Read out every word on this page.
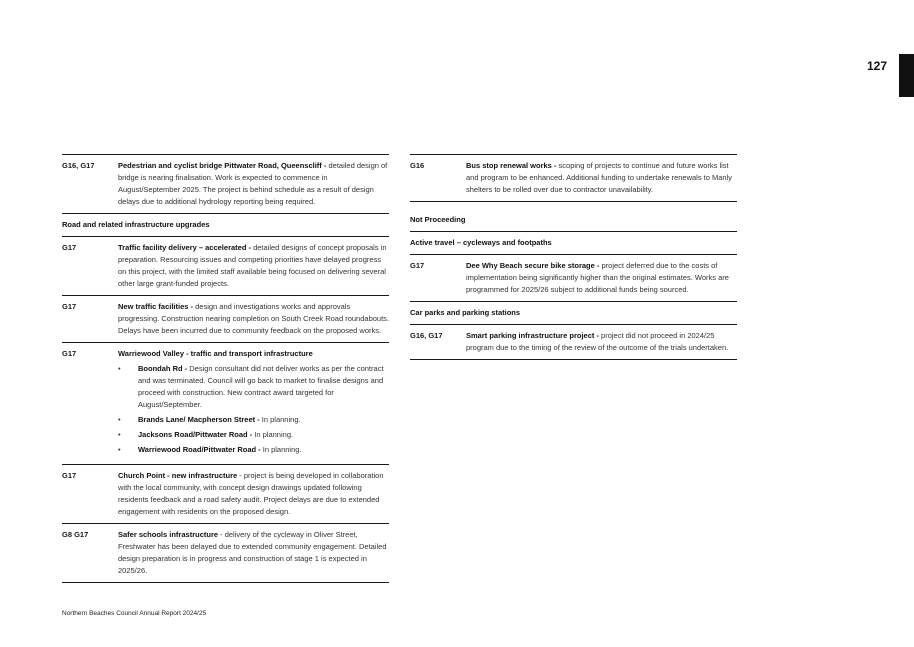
127
G16, G17	Pedestrian and cyclist bridge Pittwater Road, Queenscliff - detailed design of bridge is nearing finalisation. Work is expected to commence in August/September 2025. The project is behind schedule as a result of design delays due to additional hydrology reporting being required.
Road and related infrastructure upgrades
G17	Traffic facility delivery – accelerated - detailed designs of concept proposals in preparation. Resourcing issues and competing priorities have delayed progress on this project, with the limited staff available being focused on delivering several other large grant-funded projects.
G17	New traffic facilities - design and investigations works and approvals progressing. Construction nearing completion on South Creek Road roundabouts. Delays have been incurred due to community feedback on the proposed works.
G17	Warriewood Valley - traffic and transport infrastructure
•	Boondah Rd - Design consultant did not deliver works as per the contract and was terminated. Council will go back to market to finalise designs and proceed with construction. New contract award targeted for August/September.
•	Brands Lane/ Macpherson Street - In planning.
•	Jacksons Road/Pittwater Road - In planning.
•	Warriewood Road/Pittwater Road - In planning.
G17	Church Point - new infrastructure - project is being developed in collaboration with the local community, with concept design drawings updated following residents feedback and a road safety audit. Project delays are due to extended engagement with residents on the proposed design.
G8 G17	Safer schools infrastructure - delivery of the cycleway in Oliver Street, Freshwater has been delayed due to extended community engagement. Detailed design preparation is in progress and construction of stage 1 is expected in 2025/26.
G16	Bus stop renewal works - scoping of projects to continue and future works list and program to be enhanced. Additional funding to undertake renewals to Manly shelters to be rolled over due to contractor unavailability.
Not Proceeding
Active travel – cycleways and footpaths
G17	Dee Why Beach secure bike storage - project deferred due to the costs of implementation being significantly higher than the original estimates. Works are programmed for 2025/26 subject to additional funds being sourced.
Car parks and parking stations
G16, G17	Smart parking infrastructure project - project did not proceed in 2024/25 program due to the timing of the review of the outcome of the trials undertaken.
Northern Beaches Council Annual Report 2024/25
